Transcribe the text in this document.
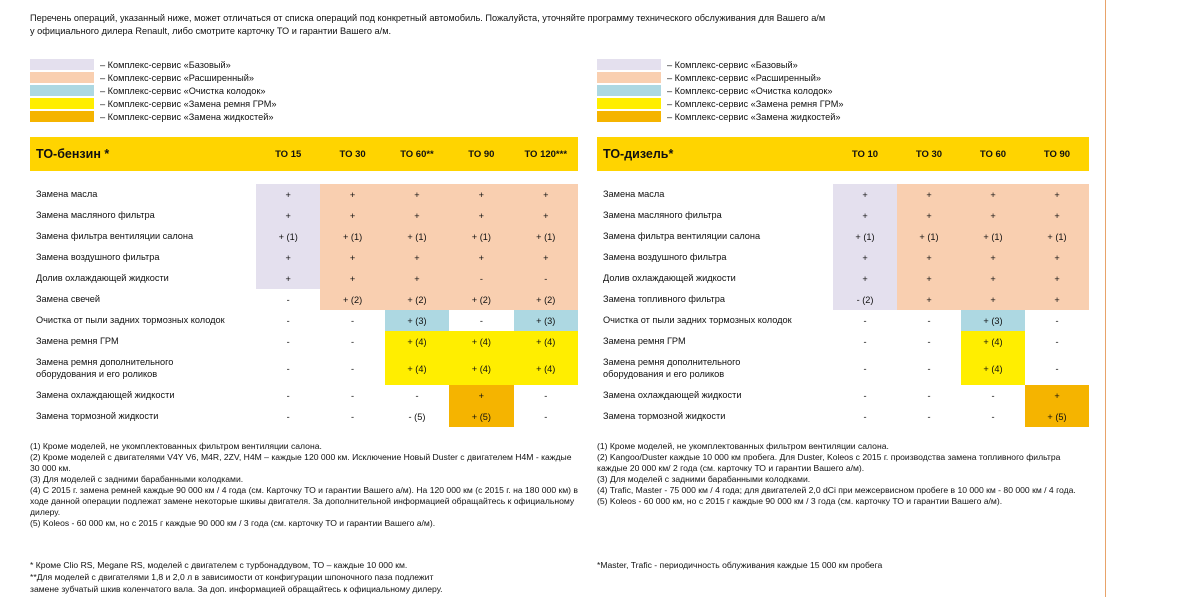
Перечень операций, указанный ниже, может отличаться от списка операций под конкретный автомобиль. Пожалуйста, уточняйте программу технического обслуживания для Вашего а/м у официального дилера Renault, либо смотрите карточку ТО и гарантии Вашего а/м.
– Комплекс-сервис «Базовый»
– Комплекс-сервис «Расширенный»
– Комплекс-сервис «Очистка колодок»
– Комплекс-сервис «Замена ремня ГРМ»
– Комплекс-сервис «Замена жидкостей»
– Комплекс-сервис «Базовый»
– Комплекс-сервис «Расширенный»
– Комплекс-сервис «Очистка колодок»
– Комплекс-сервис «Замена ремня ГРМ»
– Комплекс-сервис «Замена жидкостей»
ТО-бензин *	ТО 15	ТО 30	ТО 60**	ТО 90	ТО 120***
Замена масла	+	+	+	+	+
Замена масляного фильтра	+	+	+	+	+
Замена фильтра вентиляции салона	+ (1)	+ (1)	+ (1)	+ (1)	+ (1)
Замена воздушного фильтра	+	+	+	+	+
Долив охлаждающей жидкости	+	+	+	-	-
Замена свечей	-	+ (2)	+ (2)	+ (2)	+ (2)
Очистка от пыли задних тормозных колодок	-	-	+ (3)	-	+ (3)
Замена ремня ГРМ	-	-	+ (4)	+ (4)	+ (4)
Замена ремня дополнительного оборудования и его роликов	-	-	+ (4)	+ (4)	+ (4)
Замена охлаждающей жидкости	-	-	-	+	-
Замена тормозной жидкости	-	-	- (5)	+ (5)	-
ТО-дизель*	ТО 10	ТО 30	ТО 60	ТО 90
Замена масла	+	+	+	+
Замена масляного фильтра	+	+	+	+
Замена фильтра вентиляции салона	+ (1)	+ (1)	+ (1)	+ (1)
Замена воздушного фильтра	+	+	+	+
Долив охлаждающей жидкости	+	+	+	+
Замена топливного фильтра	- (2)	+	+	+
Очистка от пыли задних тормозных колодок	-	-	+ (3)	-
Замена ремня ГРМ	-	-	+ (4)	-
Замена ремня дополнительного оборудования и его роликов	-	-	+ (4)	-
Замена охлаждающей жидкости	-	-	-	+
Замена тормозной жидкости	-	-	-	+ (5)

(1) Кроме моделей, не укомплектованных фильтром вентиляции салона.

(2) Кроме моделей с двигателями V4Y V6, M4R, 2ZV, H4M – каждые 120 000 км. Исключение Новый Duster с двигателем H4M - каждые 30 000 км.

(3) Для моделей с задними барабанными колодками.

(4) С 2015 г. замена ремней каждые 90 000 км / 4 года (см. Карточку ТО и гарантии Вашего а/м). На 120 000 км (с 2015 г. на 180 000 км) в ходе данной операции подлежат замене некоторые шкивы двигателя. За дополнительной информацией обращайтесь к официальному дилеру.

(5) Koleos - 60 000 км, но с 2015 г каждые 90 000 км / 3 года (см. карточку ТО и гарантии Вашего а/м).

(1) Кроме моделей, не укомплектованных фильтром вентиляции салона.

(2) Kangoo/Duster каждые 10 000 км пробега. Для Duster, Koleos с 2015 г. производства замена топливного фильтра каждые 20 000 км/ 2 года (см. карточку ТО и гарантии Вашего а/м).

(3) Для моделей с задними барабанными колодками.

(4) Trafic, Master - 75 000 км / 4 года; для двигателей 2,0 dCi при межсервисном пробеге в 10 000 км - 80 000 км / 4 года.

(5) Koleos - 60 000 км, но с 2015 г каждые 90 000 км / 3 года (см. карточку ТО и гарантии Вашего а/м).

* Кроме Clio RS, Megane RS, моделей с двигателем с турбонаддувом, ТО – каждые 10 000 км.

**Для моделей с двигателями 1,8 и 2,0 л в зависимости от конфигурации шпоночного паза подлежит

замене зубчатый шкив коленчатого вала. За доп. информацией обращайтесь к официальному дилеру.

*Master, Trafic - периодичность облуживания каждые 15 000 км пробега
